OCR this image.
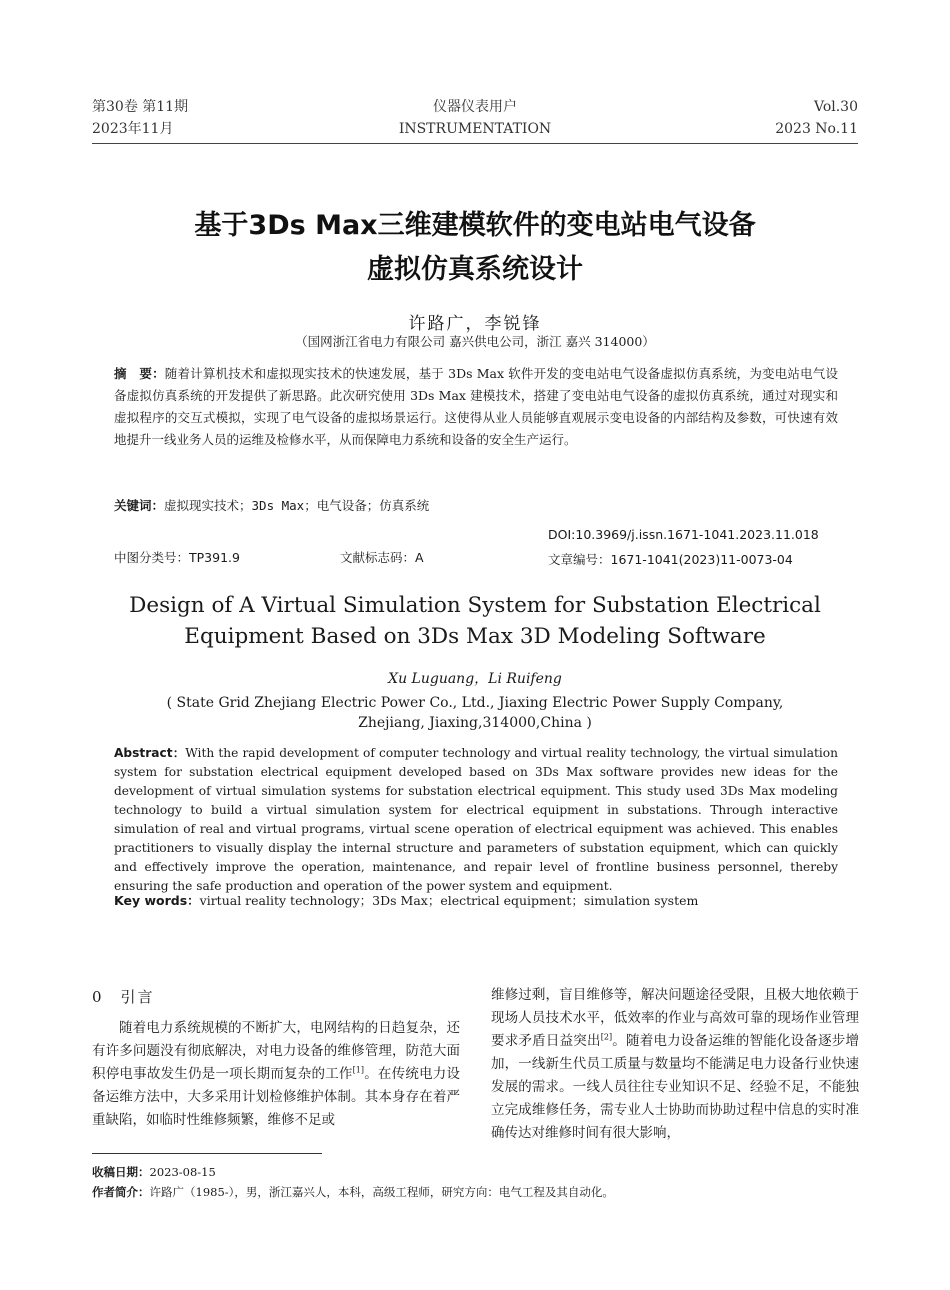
第30卷 第11期
2023年11月
仪器仪表用户
INSTRUMENTATION
Vol.30
2023 No.11
基于3Ds Max三维建模软件的变电站电气设备
虚拟仿真系统设计
许路广，李锐锋
（国网浙江省电力有限公司 嘉兴供电公司，浙江 嘉兴 314000）
摘　要：随着计算机技术和虚拟现实技术的快速发展，基于 3Ds Max 软件开发的变电站电气设备虚拟仿真系统，为变电站电气设备虚拟仿真系统的开发提供了新思路。此次研究使用 3Ds Max 建模技术，搭建了变电站电气设备的虚拟仿真系统，通过对现实和虚拟程序的交互式模拟，实现了电气设备的虚拟场景运行。这使得从业人员能够直观展示变电设备的内部结构及参数，可快速有效地提升一线业务人员的运维及检修水平，从而保障电力系统和设备的安全生产运行。
关键词：虚拟现实技术；3Ds Max；电气设备；仿真系统
DOI:10.3969/j.issn.1671-1041.2023.11.018
中图分类号：TP391.9	文献标志码：A	文章编号：1671-1041(2023)11-0073-04
Design of A Virtual Simulation System for Substation Electrical
Equipment Based on 3Ds Max 3D Modeling Software
Xu Luguang，Li Ruifeng
( State Grid Zhejiang Electric Power Co., Ltd., Jiaxing Electric Power Supply Company, Zhejiang, Jiaxing,314000,China )
Abstract：With the rapid development of computer technology and virtual reality technology, the virtual simulation system for substation electrical equipment developed based on 3Ds Max software provides new ideas for the development of virtual simulation systems for substation electrical equipment. This study used 3Ds Max modeling technology to build a virtual simulation system for electrical equipment in substations. Through interactive simulation of real and virtual programs, virtual scene operation of electrical equipment was achieved. This enables practitioners to visually display the internal structure and parameters of substation equipment, which can quickly and effectively improve the operation, maintenance, and repair level of frontline business personnel, thereby ensuring the safe production and operation of the power system and equipment.
Key words：virtual reality technology；3Ds Max；electrical equipment；simulation system
0　引言

随着电力系统规模的不断扩大，电网结构的日趋复杂，还有许多问题没有彻底解决，对电力设备的维修管理，防范大面积停电事故发生仍是一项长期而复杂的工作[1]。在传统电力设备运维方法中，大多采用计划检修维护体制。其本身存在着严重缺陷，如临时性维修频繁，维修不足或

维修过剩，盲目维修等，解决问题途径受限，且极大地依赖于现场人员技术水平，低效率的作业与高效可靠的现场作业管理要求矛盾日益突出[2]。随着电力设备运维的智能化设备逐步增加，一线新生代员工质量与数量均不能满足电力设备行业快速发展的需求。一线人员往往专业知识不足、经验不足，不能独立完成维修任务，需专业人士协助而协助过程中信息的实时准确传达对维修时间有很大影响，

收稿日期：2023-08-15
作者简介：许路广（1985-），男，浙江嘉兴人，本科，高级工程师，研究方向：电气工程及其自动化。
